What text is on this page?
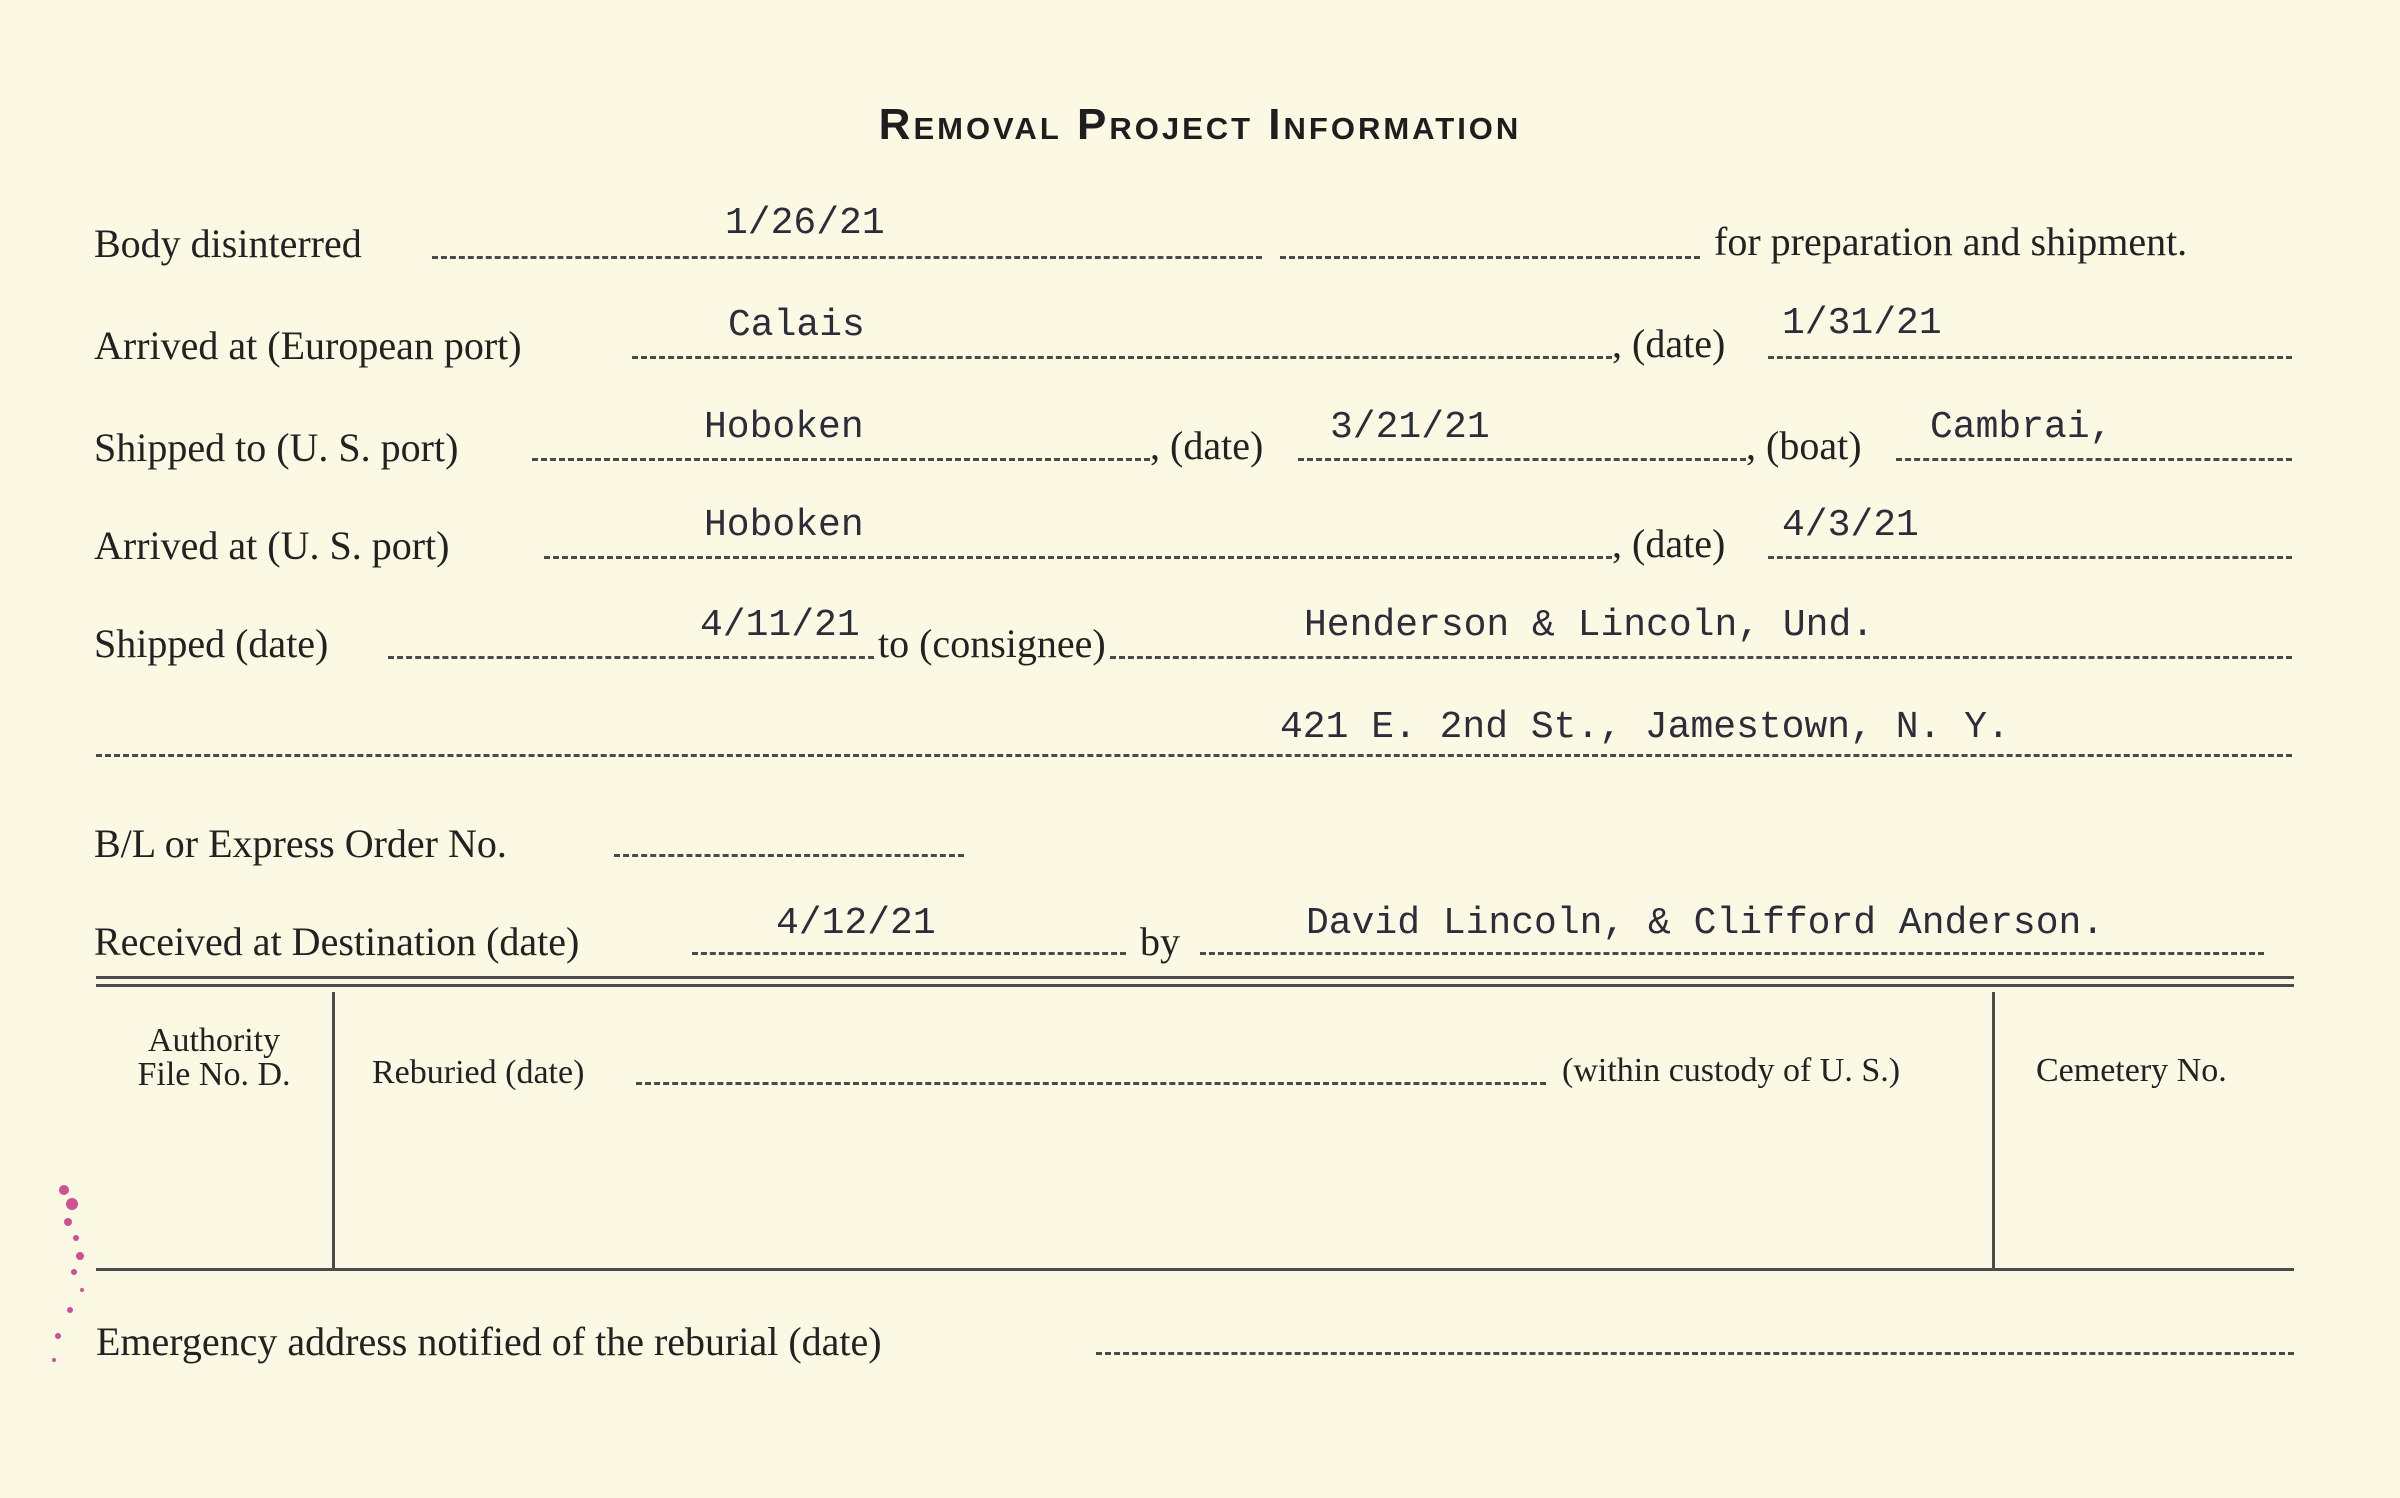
Removal Project Information
Body disinterred	1/26/21	for preparation and shipment.
Arrived at (European port)	Calais	, (date) 1/31/21
Shipped to (U. S. port)	Hoboken	, (date) 3/21/21	, (boat) Cambrai,
Arrived at (U. S. port)	Hoboken	, (date) 4/3/21
Shipped (date)	4/11/21 to (consignee)	Henderson & Lincoln, Und.
421 E. 2nd St., Jamestown, N. Y.
B/L or Express Order No.
Received at Destination (date)	4/12/21	by	David Lincoln, & Clifford Anderson.
Authority
File No. D.	Reburied (date)	(within custody of U. S.)	Cemetery No.
Emergency address notified of the reburial (date)
